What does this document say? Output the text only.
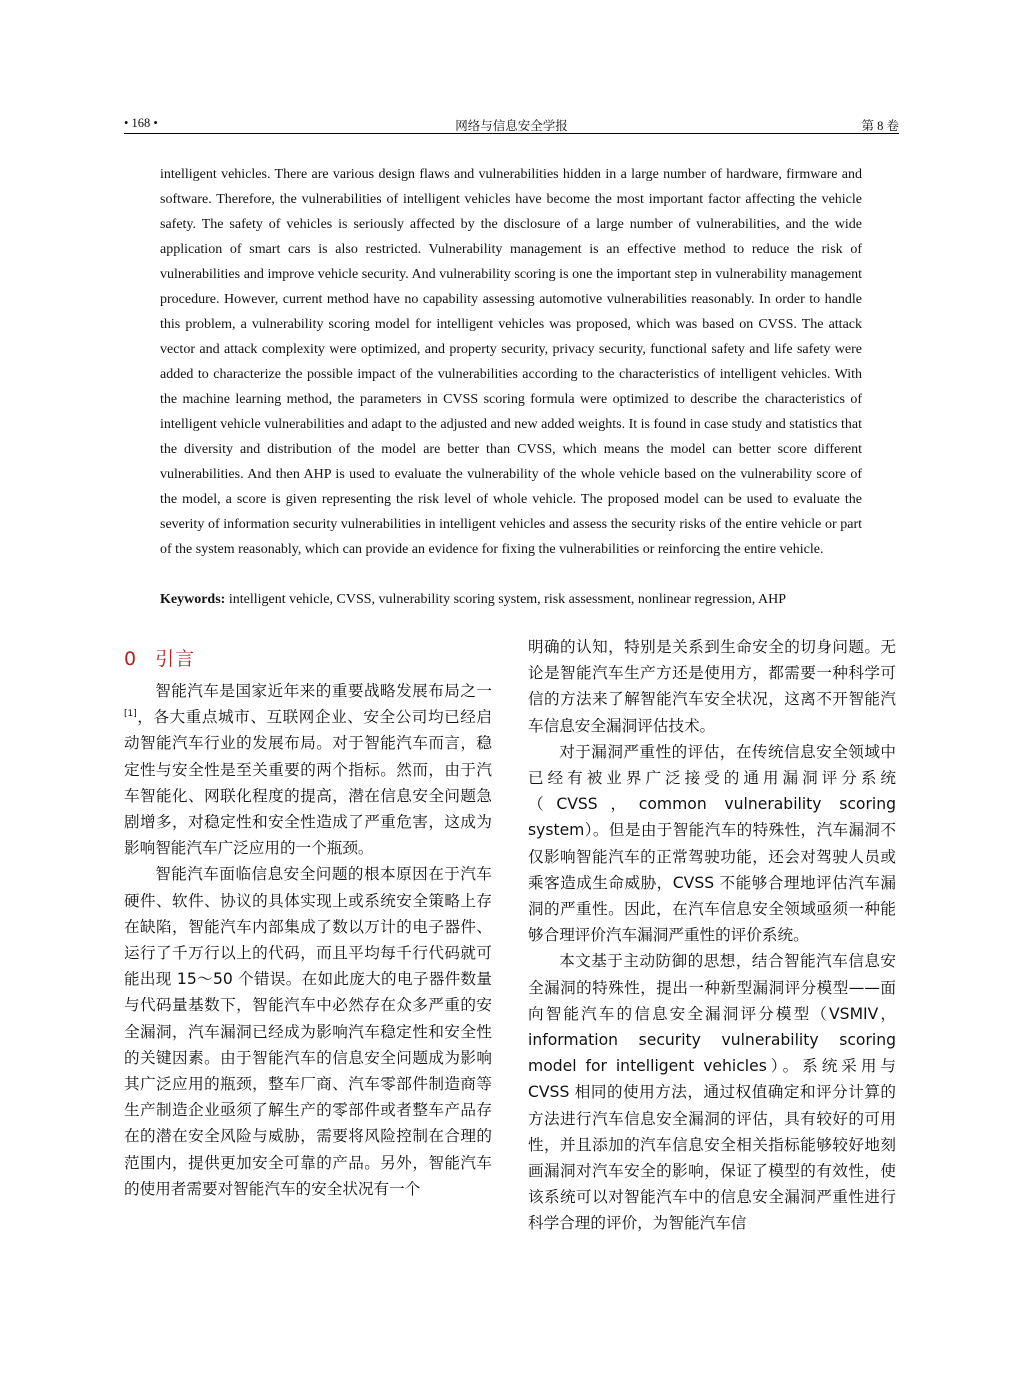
• 168 •	网络与信息安全学报	第 8 卷

intelligent vehicles. There are various design flaws and vulnerabilities hidden in a large number of hardware, firmware and software. Therefore, the vulnerabilities of intelligent vehicles have become the most important factor affecting the vehicle safety. The safety of vehicles is seriously affected by the disclosure of a large number of vulnerabilities, and the wide application of smart cars is also restricted. Vulnerability management is an effective method to reduce the risk of vulnerabilities and improve vehicle security. And vulnerability scoring is one the important step in vulnerability management procedure. However, current method have no capability assessing automotive vulnerabilities reasonably. In order to handle this problem, a vulnerability scoring model for intelligent vehicles was proposed, which was based on CVSS. The attack vector and attack complexity were optimized, and property security, privacy security, functional safety and life safety were added to characterize the possible impact of the vulnerabilities according to the characteristics of intelligent vehicles. With the machine learning method, the parameters in CVSS scoring formula were optimized to describe the characteristics of intelligent vehicle vulnerabilities and adapt to the adjusted and new added weights. It is found in case study and statistics that the diversity and distribution of the model are better than CVSS, which means the model can better score different vulnerabilities. And then AHP is used to evaluate the vulnerability of the whole vehicle based on the vulnerability score of the model, a score is given representing the risk level of whole vehicle. The proposed model can be used to evaluate the severity of information security vulnerabilities in intelligent vehicles and assess the security risks of the entire vehicle or part of the system reasonably, which can provide an evidence for fixing the vulnerabilities or reinforcing the entire vehicle.

Keywords: intelligent vehicle, CVSS, vulnerability scoring system, risk assessment, nonlinear regression, AHP
0 引言

智能汽车是国家近年来的重要战略发展布局之一[1]，各大重点城市、互联网企业、安全公司均已经启动智能汽车行业的发展布局。对于智能汽车而言，稳定性与安全性是至关重要的两个指标。然而，由于汽车智能化、网联化程度的提高，潜在信息安全问题急剧增多，对稳定性和安全性造成了严重危害，这成为影响智能汽车广泛应用的一个瓶颈。

智能汽车面临信息安全问题的根本原因在于汽车硬件、软件、协议的具体实现上或系统安全策略上存在缺陷，智能汽车内部集成了数以万计的电子器件、运行了千万行以上的代码，而且平均每千行代码就可能出现 15～50 个错误。在如此庞大的电子器件数量与代码量基数下，智能汽车中必然存在众多严重的安全漏洞，汽车漏洞已经成为影响汽车稳定性和安全性的关键因素。由于智能汽车的信息安全问题成为影响其广泛应用的瓶颈，整车厂商、汽车零部件制造商等生产制造企业亟须了解生产的零部件或者整车产品存在的潜在安全风险与威胁，需要将风险控制在合理的范围内，提供更加安全可靠的产品。另外，智能汽车的使用者需要对智能汽车的安全状况有一个

明确的认知，特别是关系到生命安全的切身问题。无论是智能汽车生产方还是使用方，都需要一种科学可信的方法来了解智能汽车安全状况，这离不开智能汽车信息安全漏洞评估技术。

对于漏洞严重性的评估，在传统信息安全领域中已经有被业界广泛接受的通用漏洞评分系统（CVSS，common vulnerability scoring system）。但是由于智能汽车的特殊性，汽车漏洞不仅影响智能汽车的正常驾驶功能，还会对驾驶人员或乘客造成生命威胁，CVSS 不能够合理地评估汽车漏洞的严重性。因此，在汽车信息安全领域亟须一种能够合理评价汽车漏洞严重性的评价系统。

本文基于主动防御的思想，结合智能汽车信息安全漏洞的特殊性，提出一种新型漏洞评分模型——面向智能汽车的信息安全漏洞评分模型（VSMIV，information security vulnerability scoring model for intelligent vehicles）。系统采用与 CVSS 相同的使用方法，通过权值确定和评分计算的方法进行汽车信息安全漏洞的评估，具有较好的可用性，并且添加的汽车信息安全相关指标能够较好地刻画漏洞对汽车安全的影响，保证了模型的有效性，使该系统可以对智能汽车中的信息安全漏洞严重性进行科学合理的评价，为智能汽车信
